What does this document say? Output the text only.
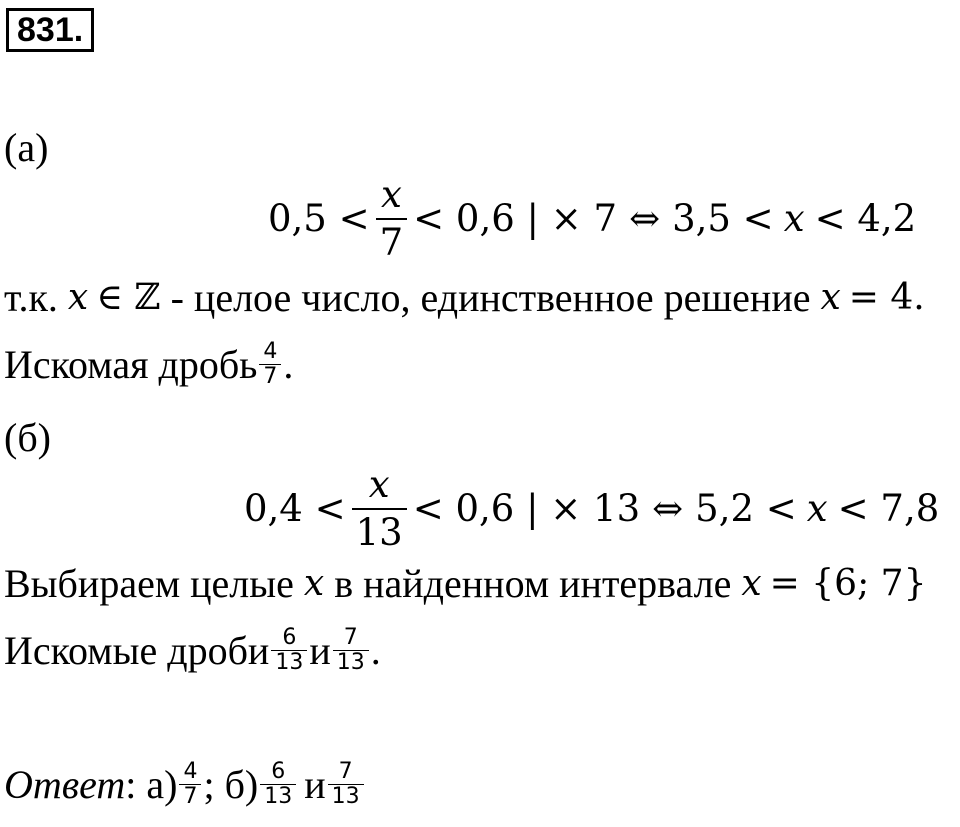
831.
(а)
$0,5 < \frac{x}{7} < 0,6$ | × 7 ⇔ 3,5 < x < 4,2
т.к. x ∈ ℤ - целое число, единственное решение x = 4.
Искомая дробь $\frac{4}{7}$ .
(б)
$0,4 < \frac{x}{13} < 0,6$ | × 13 ⇔ 5,2 < x < 7,8
Выбираем целые x в найденном интервале x = {6; 7}
Искомые дроби $\frac{6}{13}$ и $\frac{7}{13}$ .
Ответ : $а) \frac{4}{7}$ ; $б) \frac{6}{13}$ и $\frac{7}{13}$
